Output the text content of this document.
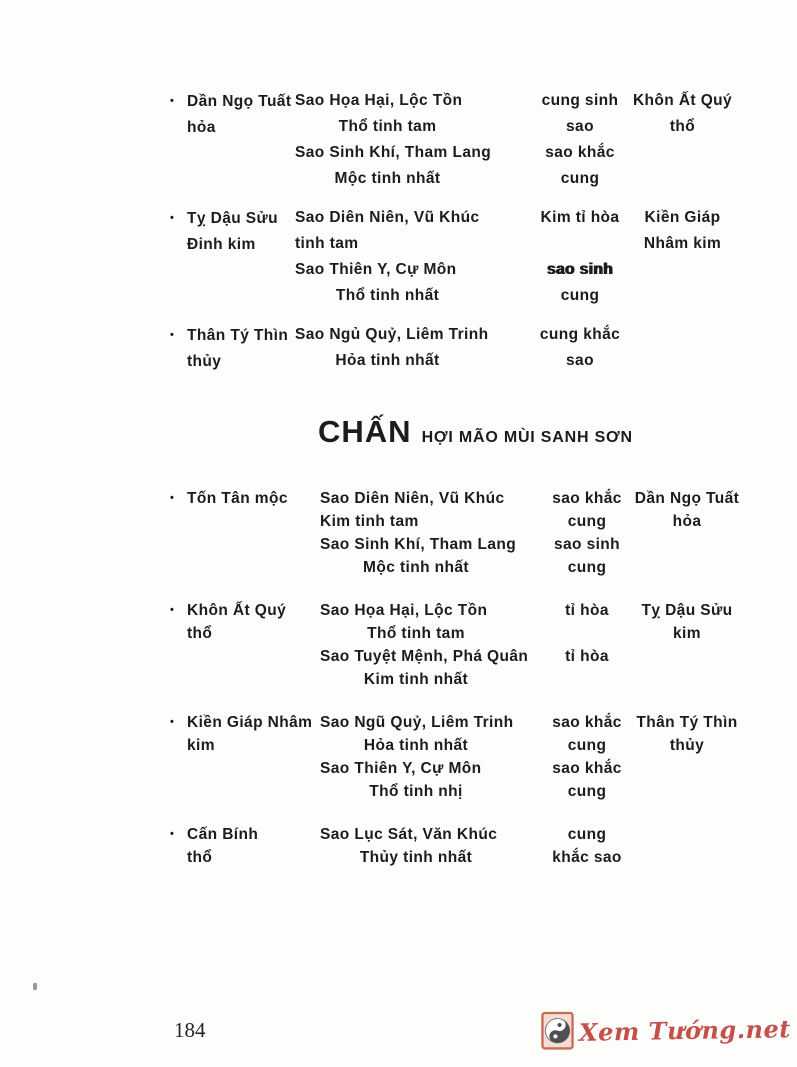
• Dần Ngọ Tuất
hỏa
Sao Họa Hại, Lộc Tồn
Thổ tinh tam
Sao Sinh Khí, Tham Lang
Mộc tinh nhất
cung sinh
sao
sao khắc
cung
Khôn Ất Quý
thổ
• Tỵ Dậu Sửu
Đinh kim
Sao Diên Niên, Vũ Khúc
tinh tam
Sao Thiên Y, Cự Môn
Thổ tinh nhất
Kim tỉ hòa
sao sinh
cung
Kiền Giáp
Nhâm kim
• Thân Tý Thìn
thủy
Sao Ngủ Quỷ, Liêm Trinh
Hỏa tinh nhất
cung khắc
sao
CHẤN HỢI MÃO MÙI SANH SƠN
• Tốn Tân mộc	Sao Diên Niên, Vũ Khúc
Kim tinh tam
Sao Sinh Khí, Tham Lang
Mộc tinh nhất
sao khắc
cung
sao sinh
cung
Dần Ngọ Tuất
hỏa
• Khôn Ất Quý
thổ
Sao Họa Hại, Lộc Tồn
Thổ tinh tam
Sao Tuyệt Mệnh, Phá Quân
Kim tinh nhất
tỉ hòa
tỉ hòa
Tỵ Dậu Sửu
kim
• Kiền Giáp Nhâm
kim
Sao Ngũ Quỷ, Liêm Trinh
Hỏa tinh nhất
Sao Thiên Y, Cự Môn
Thổ tinh nhị
sao khắc
cung
sao khắc
cung
Thân Tý Thìn
thủy
• Cấn Bính
thổ
Sao Lục Sát, Văn Khúc
Thủy tinh nhất
cung
khắc sao
184	Xem Tướng.net
